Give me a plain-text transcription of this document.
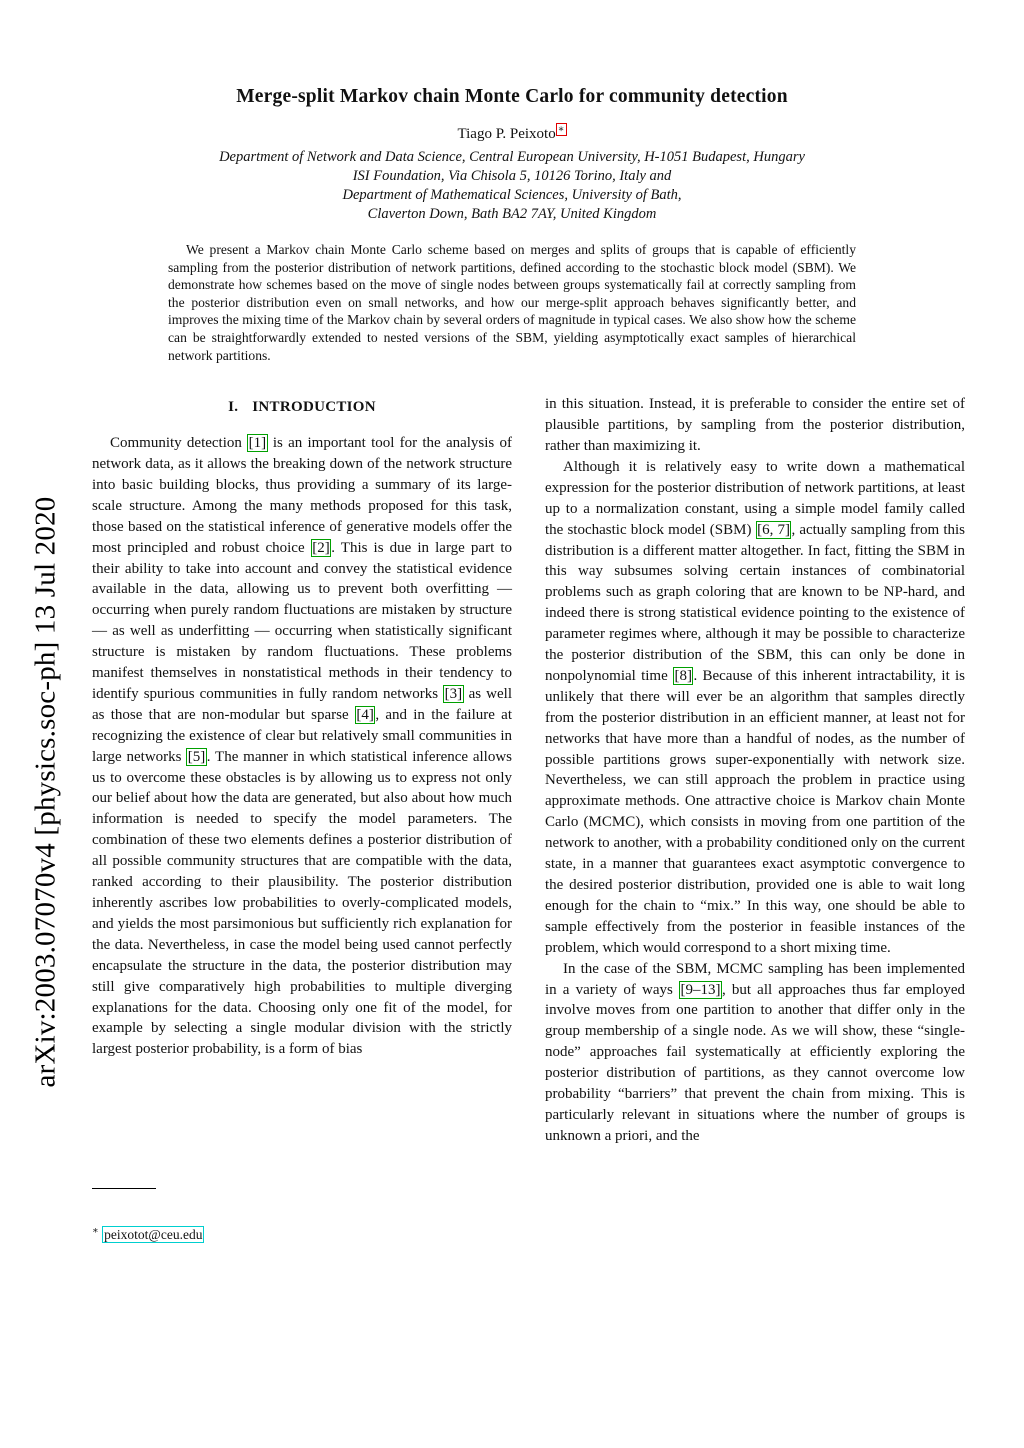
arXiv:2003.07070v4 [physics.soc-ph] 13 Jul 2020
Merge-split Markov chain Monte Carlo for community detection
Tiago P. Peixoto ∗
Department of Network and Data Science, Central European University, H-1051 Budapest, Hungary
ISI Foundation, Via Chisola 5, 10126 Torino, Italy and
Department of Mathematical Sciences, University of Bath,
Claverton Down, Bath BA2 7AY, United Kingdom
We present a Markov chain Monte Carlo scheme based on merges and splits of groups that is capable of efficiently sampling from the posterior distribution of network partitions, defined according to the stochastic block model (SBM). We demonstrate how schemes based on the move of single nodes between groups systematically fail at correctly sampling from the posterior distribution even on small networks, and how our merge-split approach behaves significantly better, and improves the mixing time of the Markov chain by several orders of magnitude in typical cases. We also show how the scheme can be straightforwardly extended to nested versions of the SBM, yielding asymptotically exact samples of hierarchical network partitions.
I. INTRODUCTION

Community detection [1] is an important tool for the analysis of network data, as it allows the breaking down of the network structure into basic building blocks, thus providing a summary of its large-scale structure. Among the many methods proposed for this task, those based on the statistical inference of generative models offer the most principled and robust choice [2] . This is due in large part to their ability to take into account and convey the statistical evidence available in the data, allowing us to prevent both overfitting — occurring when purely random fluctuations are mistaken by structure — as well as underfitting — occurring when statistically significant structure is mistaken by random fluctuations. These problems manifest themselves in nonstatistical methods in their tendency to identify spurious communities in fully random networks [3] as well as those that are non-modular but sparse [4] , and in the failure at recognizing the existence of clear but relatively small communities in large networks [5] . The manner in which statistical inference allows us to overcome these obstacles is by allowing us to express not only our belief about how the data are generated, but also about how much information is needed to specify the model parameters. The combination of these two elements defines a posterior distribution of all possible community structures that are compatible with the data, ranked according to their plausibility. The posterior distribution inherently ascribes low probabilities to overly-complicated models, and yields the most parsimonious but sufficiently rich explanation for the data. Nevertheless, in case the model being used cannot perfectly encapsulate the structure in the data, the posterior distribution may still give comparatively high probabilities to multiple diverging explanations for the data. Choosing only one fit of the model, for example by selecting a single modular division with the strictly largest posterior probability, is a form of bias

in this situation. Instead, it is preferable to consider the entire set of plausible partitions, by sampling from the posterior distribution, rather than maximizing it.

Although it is relatively easy to write down a mathematical expression for the posterior distribution of network partitions, at least up to a normalization constant, using a simple model family called the stochastic block model (SBM) [6, 7] , actually sampling from this distribution is a different matter altogether. In fact, fitting the SBM in this way subsumes solving certain instances of combinatorial problems such as graph coloring that are known to be NP-hard, and indeed there is strong statistical evidence pointing to the existence of parameter regimes where, although it may be possible to characterize the posterior distribution of the SBM, this can only be done in nonpolynomial time [8] . Because of this inherent intractability, it is unlikely that there will ever be an algorithm that samples directly from the posterior distribution in an efficient manner, at least not for networks that have more than a handful of nodes, as the number of possible partitions grows super-exponentially with network size. Nevertheless, we can still approach the problem in practice using approximate methods. One attractive choice is Markov chain Monte Carlo (MCMC), which consists in moving from one partition of the network to another, with a probability conditioned only on the current state, in a manner that guarantees exact asymptotic convergence to the desired posterior distribution, provided one is able to wait long enough for the chain to “mix.” In this way, one should be able to sample effectively from the posterior in feasible instances of the problem, which would correspond to a short mixing time.

In the case of the SBM, MCMC sampling has been implemented in a variety of ways [9–13] , but all approaches thus far employed involve moves from one partition to another that differ only in the group membership of a single node. As we will show, these “single-node” approaches fail systematically at efficiently exploring the posterior distribution of partitions, as they cannot overcome low probability “barriers” that prevent the chain from mixing. This is particularly relevant in situations where the number of groups is unknown a priori, and the

∗ peixotot@ceu.edu
